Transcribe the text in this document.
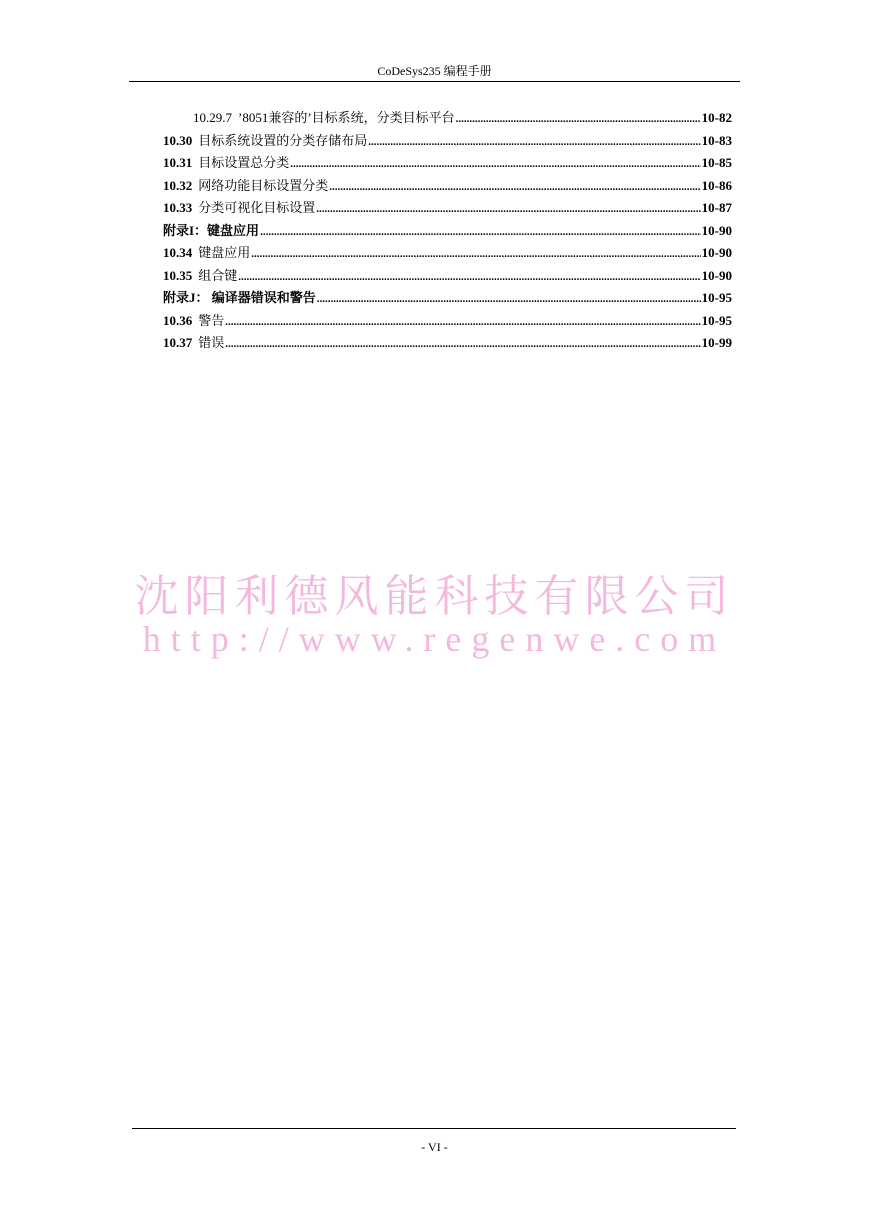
CoDeSys235 编程手册
10.29.7 ’8051兼容的’目标系统，分类目标平台 .....	10-82
10.30 目标系统设置的分类存储布局 .....	10-83
10.31 目标设置总分类 .....	10-85
10.32 网络功能目标设置分类 .....	10-86
10.33 分类可视化目标设置 .....	10-87
附录I：键盘应用 .....	10-90
10.34 键盘应用 .....	10-90
10.35 组合键 .....	10-90
附录J： 编译器错误和警告 .....	10-95
10.36 警告 .....	10-95
10.37 错误 .....	10-99
沈阳利德风能科技有限公司
http://www.regenwe.com
- VI -
